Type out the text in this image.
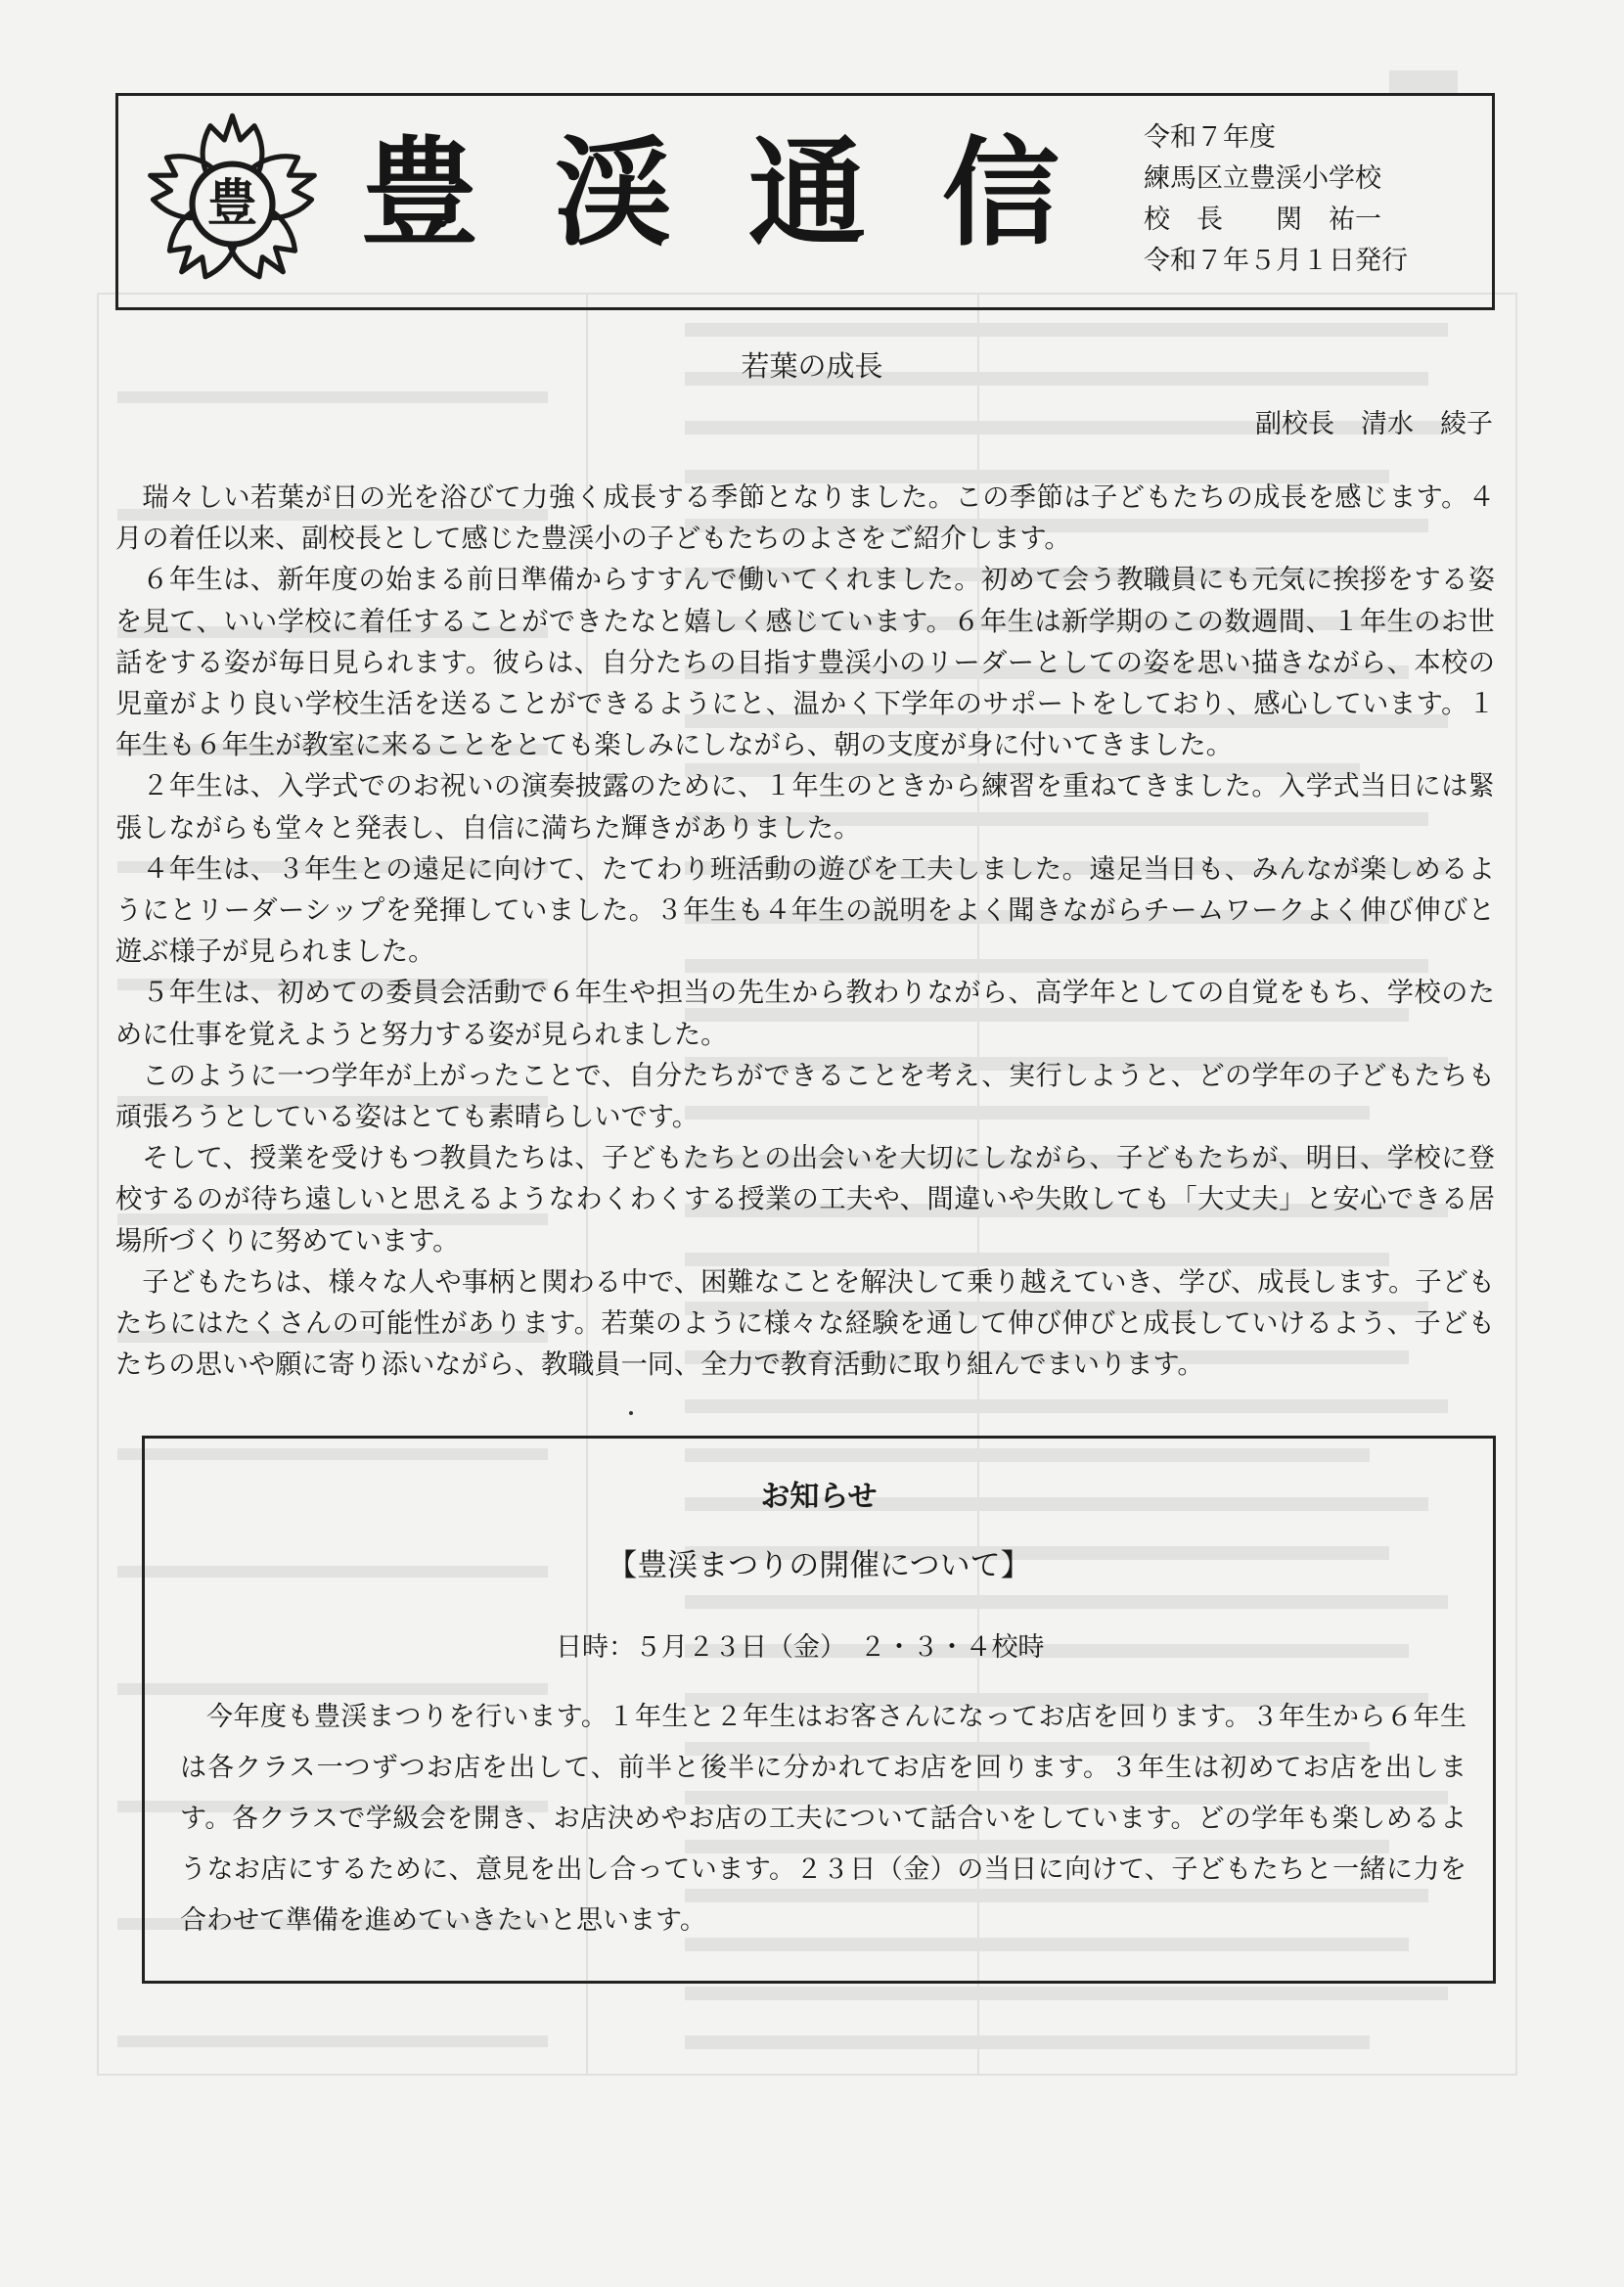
豊 豊渓通信 令和７年度
練馬区立豊渓小学校
校　長　　関　祐一
令和７年５月１日発行
若葉の成長
副校長　清水　綾子

瑞々しい若葉が日の光を浴びて力強く成長する季節となりました。この季節は子どもたちの成長を感じます。４月の着任以来、副校長として感じた豊渓小の子どもたちのよさをご紹介します。

６年生は、新年度の始まる前日準備からすすんで働いてくれました。初めて会う教職員にも元気に挨拶をする姿を見て、いい学校に着任することができたなと嬉しく感じています。６年生は新学期のこの数週間、１年生のお世話をする姿が毎日見られます。彼らは、自分たちの目指す豊渓小のリーダーとしての姿を思い描きながら、本校の児童がより良い学校生活を送ることができるようにと、温かく下学年のサポートをしており、感心しています。１年生も６年生が教室に来ることをとても楽しみにしながら、朝の支度が身に付いてきました。

２年生は、入学式でのお祝いの演奏披露のために、１年生のときから練習を重ねてきました。入学式当日には緊張しながらも堂々と発表し、自信に満ちた輝きがありました。

４年生は、３年生との遠足に向けて、たてわり班活動の遊びを工夫しました。遠足当日も、みんなが楽しめるようにとリーダーシップを発揮していました。３年生も４年生の説明をよく聞きながらチームワークよく伸び伸びと遊ぶ様子が見られました。

５年生は、初めての委員会活動で６年生や担当の先生から教わりながら、高学年としての自覚をもち、学校のために仕事を覚えようと努力する姿が見られました。

このように一つ学年が上がったことで、自分たちができることを考え、実行しようと、どの学年の子どもたちも頑張ろうとしている姿はとても素晴らしいです。

そして、授業を受けもつ教員たちは、子どもたちとの出会いを大切にしながら、子どもたちが、明日、学校に登校するのが待ち遠しいと思えるようなわくわくする授業の工夫や、間違いや失敗しても「大丈夫」と安心できる居場所づくりに努めています。

子どもたちは、様々な人や事柄と関わる中で、困難なことを解決して乗り越えていき、学び、成長します。子どもたちにはたくさんの可能性があります。若葉のように様々な経験を通して伸び伸びと成長していけるよう、子どもたちの思いや願に寄り添いながら、教職員一同、全力で教育活動に取り組んでまいります。

お知らせ
【豊渓まつりの開催について】
日時：５月２３日（金）　２・３・４校時

今年度も豊渓まつりを行います。１年生と２年生はお客さんになってお店を回ります。３年生から６年生は各クラス一つずつお店を出して、前半と後半に分かれてお店を回ります。３年生は初めてお店を出します。各クラスで学級会を開き、お店決めやお店の工夫について話合いをしています。どの学年も楽しめるようなお店にするために、意見を出し合っています。２３日（金）の当日に向けて、子どもたちと一緒に力を合わせて準備を進めていきたいと思います。
